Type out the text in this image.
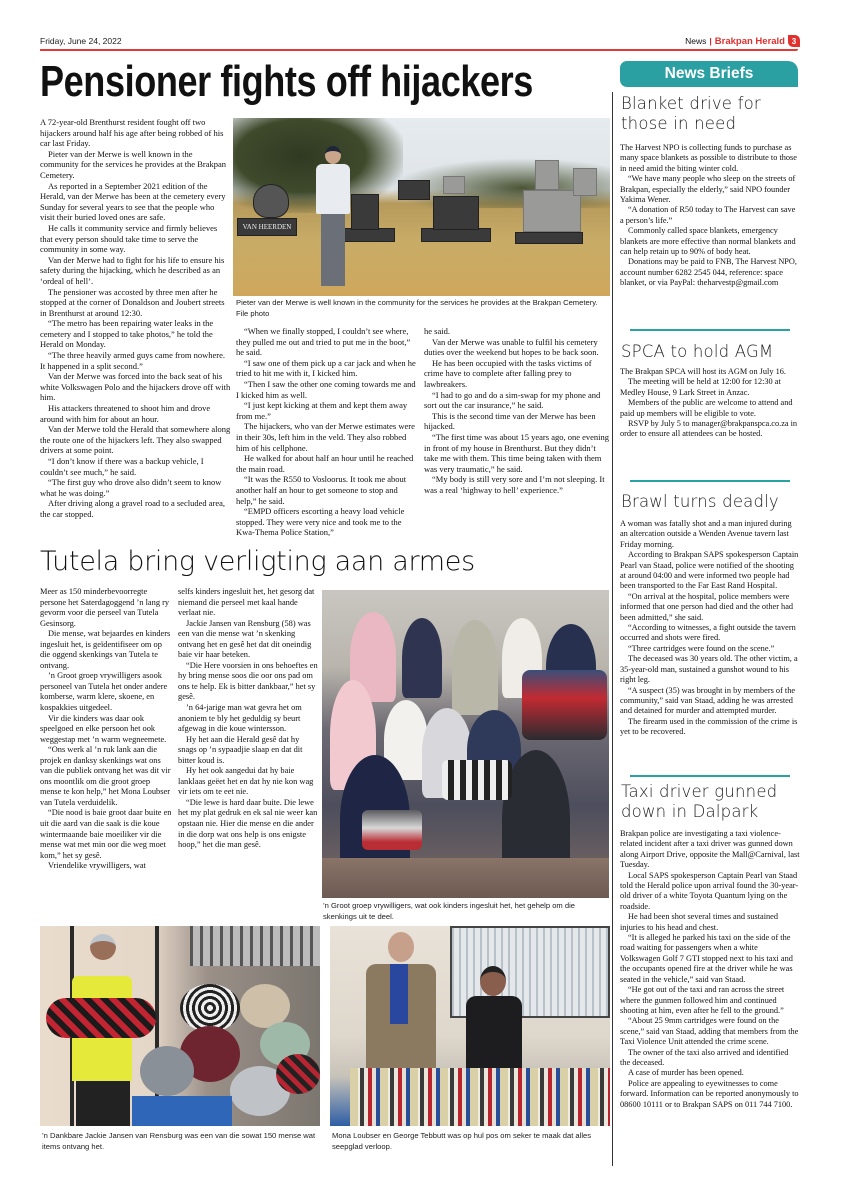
Friday, June 24, 2022	News | Brakpan Herald 3
Pensioner fights off hijackers

A 72-year-old Brenthurst resident fought off two hijackers around half his age after being robbed of his car last Friday.

Pieter van der Merwe is well known in the community for the services he provides at the Brakpan Cemetery.

As reported in a September 2021 edition of the Herald, van der Merwe has been at the cemetery every Sunday for several years to see that the people who visit their buried loved ones are safe.

He calls it community service and firmly believes that every person should take time to serve the community in some way.

Van der Merwe had to fight for his life to ensure his safety during the hijacking, which he described as an ‘ordeal of hell’.

The pensioner was accosted by three men after he stopped at the corner of Donaldson and Joubert streets in Brenthurst at around 12:30.

“The metro has been repairing water leaks in the cemetery and I stopped to take photos,” he told the Herald on Monday.

“The three heavily armed guys came from nowhere. It happened in a split second.”

Van der Merwe was forced into the back seat of his white Volkswagen Polo and the hijackers drove off with him.

His attackers threatened to shoot him and drove around with him for about an hour.

Van der Merwe told the Herald that somewhere along the route one of the hijackers left. They also swapped drivers at some point.

“I don’t know if there was a backup vehicle, I couldn’t see much,” he said.

“The first guy who drove also didn’t seem to know what he was doing.”

After driving along a gravel road to a secluded area, the car stopped.

VAN HEERDEN
Pieter van der Merwe is well known in the community for the services he provides at the Brakpan Cemetery. File photo

“When we finally stopped, I couldn’t see where, they pulled me out and tried to put me in the boot,” he said.

“I saw one of them pick up a car jack and when he tried to hit me with it, I kicked him.

“Then I saw the other one coming towards me and I kicked him as well.

“I just kept kicking at them and kept them away from me.”

The hijackers, who van der Merwe estimates were in their 30s, left him in the veld. They also robbed him of his cellphone.

He walked for about half an hour until he reached the main road.

“It was the R550 to Vosloorus. It took me about another half an hour to get someone to stop and help,” he said.

“EMPD officers escorting a heavy load vehicle stopped. They were very nice and took me to the Kwa-Thema Police Station,”

he said.

Van der Merwe was unable to fulfil his cemetery duties over the weekend but hopes to be back soon.

He has been occupied with the tasks victims of crime have to complete after falling prey to lawbreakers.

“I had to go and do a sim-swap for my phone and sort out the car insurance,” he said.

This is the second time van der Merwe has been hijacked.

“The first time was about 15 years ago, one evening in front of my house in Brenthurst. But they didn’t take me with them. This time being taken with them was very traumatic,” he said.

“My body is still very sore and I’m not sleeping. It was a real ‘highway to hell’ experience.”

Tutela bring verligting aan armes

Meer as 150 minderbevoorregte persone het Saterdagoggend ’n lang ry gevorm voor die perseel van Tutela Gesinsorg.

Die mense, wat bejaardes en kinders ingesluit het, is geïdentifiseer om op die oggend skenkings van Tutela te ontvang.

’n Groot groep vrywilligers asook personeel van Tutela het onder andere komberse, warm klere, skoene, en kospakkies uitgedeel.

Vir die kinders was daar ook speelgoed en elke persoon het ook weggestap met ’n warm wegneemete.

“Ons werk al ’n ruk lank aan die projek en danksy skenkings wat ons van die publiek ontvang het was dit vir ons moontlik om die groot groep mense te kon help,” het Mona Loubser van Tutela verduidelik.

“Die nood is baie groot daar buite en uit die aard van die saak is die koue wintermaande baie moeiliker vir die mense wat met min oor die weg moet kom,” het sy gesê.

Vriendelike vrywilligers, wat

selfs kinders ingesluit het, het gesorg dat niemand die perseel met kaal hande verlaat nie.

Jackie Jansen van Rensburg (58) was een van die mense wat ’n skenking ontvang het en gesê het dat dit oneindig baie vir haar beteken.

“Die Here voorsien in ons behoeftes en hy bring mense soos die oor ons pad om ons te help. Ek is bitter dankbaar,” het sy gesê.

’n 64-jarige man wat gevra het om anoniem te bly het geduldig sy beurt afgewag in die koue wintersson.

Hy het aan die Herald gesê dat hy snags op ’n sypaadjie slaap en dat dit bitter koud is.

Hy het ook aangedui dat hy baie lanklaas geëet het en dat hy nie kon wag vir iets om te eet nie.

“Die lewe is hard daar buite. Die lewe het my plat gedruk en ek sal nie weer kan opstaan nie. Hier die mense en die ander in die dorp wat ons help is ons enigste hoop,” het die man gesê.

’n Groot groep vrywilligers, wat ook kinders ingesluit het, het gehelp om die skenkings uit te deel.
’n Dankbare Jackie Jansen van Rensburg was een van die sowat 150 mense wat items ontvang het.
Mona Loubser en George Tebbutt was op hul pos om seker te maak dat alles seepglad verloop.
News Briefs
Blanket drive for
those in need

The Harvest NPO is collecting funds to purchase as many space blankets as possible to distribute to those in need amid the biting winter cold.

“We have many people who sleep on the streets of Brakpan, especially the elderly,” said NPO founder Yakima Wener.

“A donation of R50 today to The Harvest can save a person’s life.”

Commonly called space blankets, emergency blankets are more effective than normal blankets and can help retain up to 90% of body heat.

Donations may be paid to FNB, The Harvest NPO, account number 6282 2545 044, reference: space blanket, or via PayPal: theharvestp@gmail.com

SPCA to hold AGM

The Brakpan SPCA will host its AGM on July 16.

The meeting will be held at 12:00 for 12:30 at Medley House, 9 Lark Street in Anzac.

Members of the public are welcome to attend and paid up members will be eligible to vote.

RSVP by July 5 to manager@brakpanspca.co.za in order to ensure all attendees can be hosted.

Brawl turns deadly

A woman was fatally shot and a man injured during an altercation outside a Wenden Avenue tavern last Friday morning.

According to Brakpan SAPS spokesperson Captain Pearl van Staad, police were notified of the shooting at around 04:00 and were informed two people had been transported to the Far East Rand Hospital.

“On arrival at the hospital, police members were informed that one person had died and the other had been admitted,” she said.

“According to witnesses, a fight outside the tavern occurred and shots were fired.

“Three cartridges were found on the scene.”

The deceased was 30 years old. The other victim, a 35-year-old man, sustained a gunshot wound to his right leg.

“A suspect (35) was brought in by members of the community,” said van Staad, adding he was arrested and detained for murder and attempted murder.

The firearm used in the commission of the crime is yet to be recovered.

Taxi driver gunned
down in Dalpark

Brakpan police are investigating a taxi violence-related incident after a taxi driver was gunned down along Airport Drive, opposite the Mall@Carnival, last Tuesday.

Local SAPS spokesperson Captain Pearl van Staad told the Herald police upon arrival found the 30-year-old driver of a white Toyota Quantum lying on the roadside.

He had been shot several times and sustained injuries to his head and chest.

“It is alleged he parked his taxi on the side of the road waiting for passengers when a white Volkswagen Golf 7 GTI stopped next to his taxi and the occupants opened fire at the driver while he was seated in the vehicle,” said van Staad.

“He got out of the taxi and ran across the street where the gunmen followed him and continued shooting at him, even after he fell to the ground.”

“About 25 9mm cartridges were found on the scene,” said van Staad, adding that members from the Taxi Violence Unit attended the crime scene.

The owner of the taxi also arrived and identified the deceased.

A case of murder has been opened.

Police are appealing to eyewitnesses to come forward. Information can be reported anonymously to 08600 10111 or to Brakpan SAPS on 011 744 7100.
